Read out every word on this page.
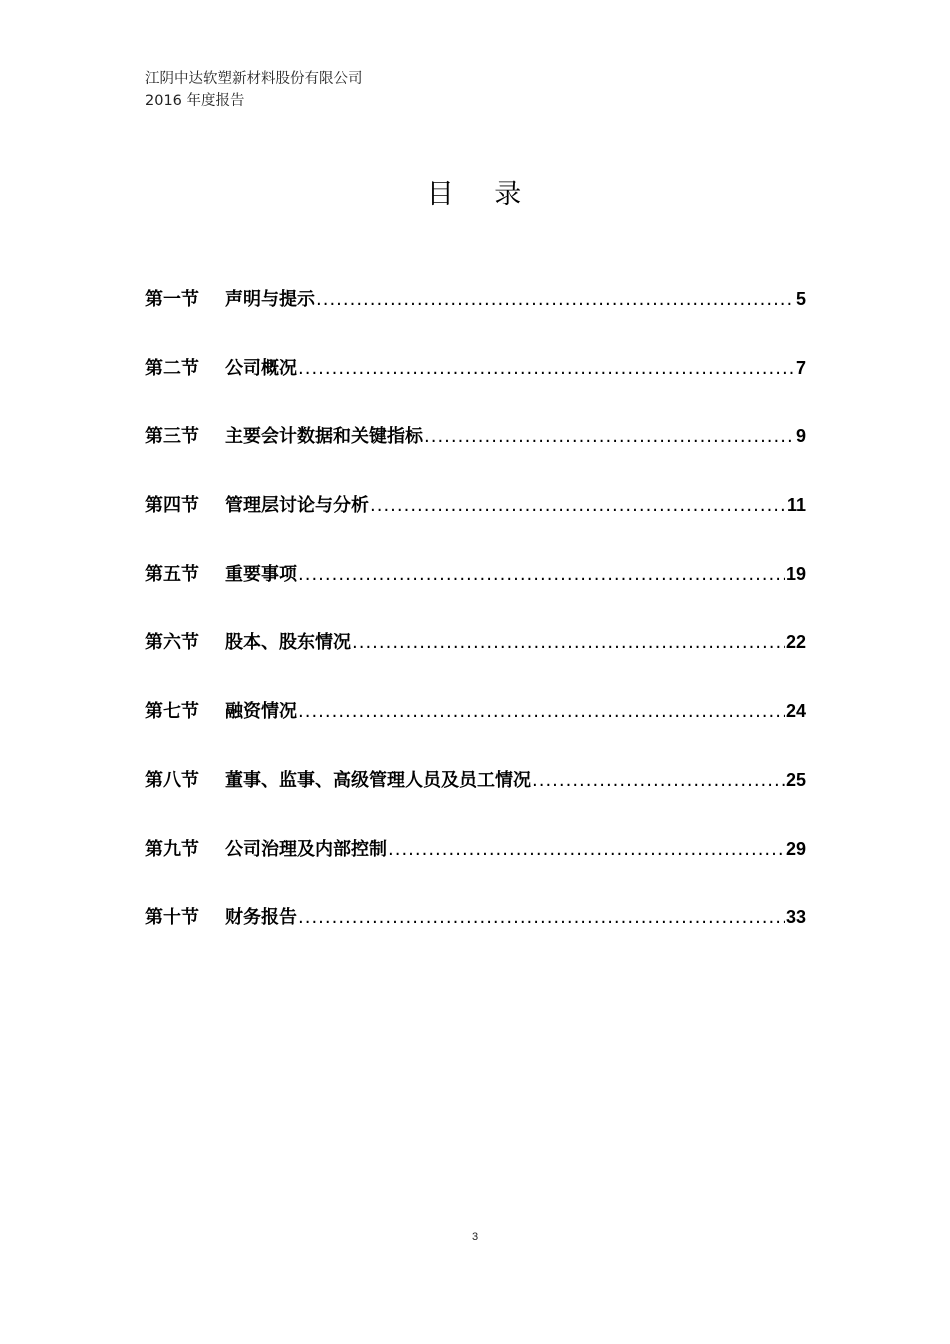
江阴中达软塑新材料股份有限公司
2016 年度报告
目 录
第一节	声明与提示 .....	5
第二节	公司概况 .....	7
第三节	主要会计数据和关键指标 .....	9
第四节	管理层讨论与分析 .....	11
第五节	重要事项 .....	19
第六节	股本、股东情况 .....	22
第七节	融资情况 .....	24
第八节	董事、监事、高级管理人员及员工情况 .....	25
第九节	公司治理及内部控制 .....	29
第十节	财务报告 .....	33
3
